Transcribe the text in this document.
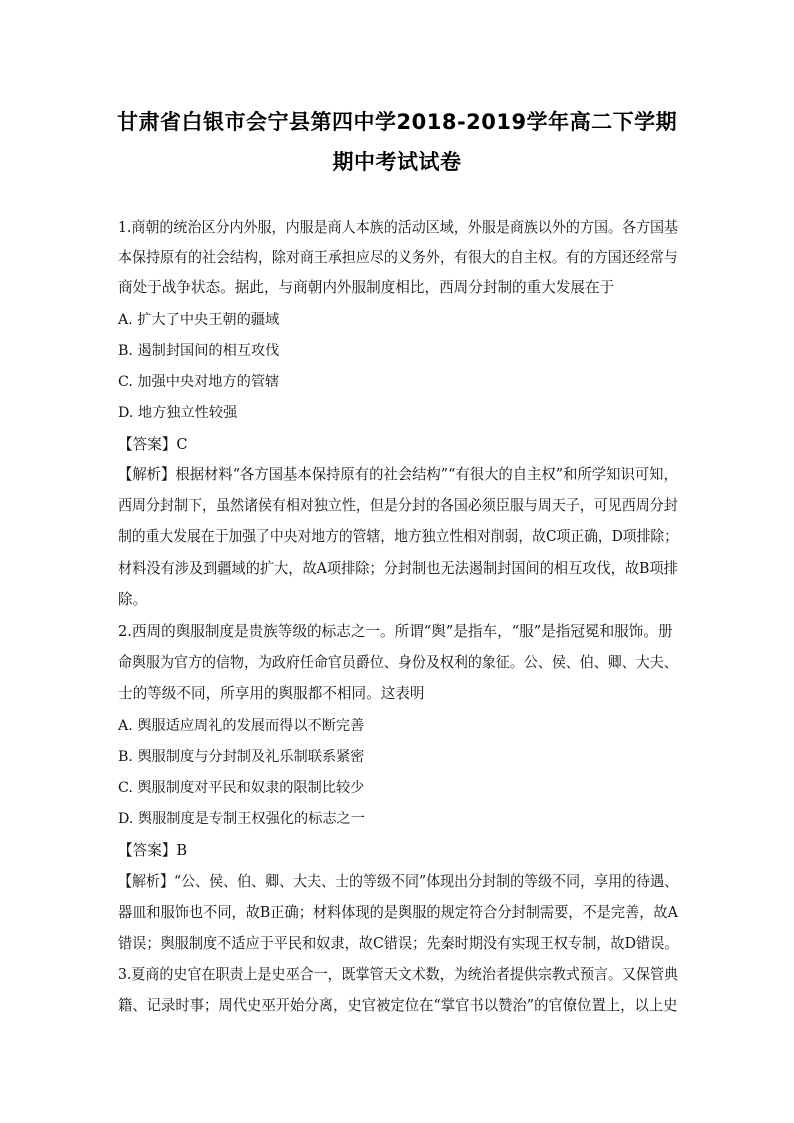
甘肃省白银市会宁县第四中学2018-2019学年高二下学期
期中考试试卷
1.商朝的统治区分内外服，内服是商人本族的活动区域，外服是商族以外的方国。各方国基
本保持原有的社会结构，除对商王承担应尽的义务外，有很大的自主权。有的方国还经常与
商处于战争状态。据此，与商朝内外服制度相比，西周分封制的重大发展在于
A. 扩大了中央王朝的疆域
B. 遏制封国间的相互攻伐
C. 加强中央对地方的管辖
D. 地方独立性较强
【答案】C
【解析】根据材料“各方国基本保持原有的社会结构”“有很大的自主权”和所学知识可知，
西周分封制下，虽然诸侯有相对独立性，但是分封的各国必须臣服与周天子，可见西周分封
制的重大发展在于加强了中央对地方的管辖，地方独立性相对削弱，故C项正确，D项排除；
材料没有涉及到疆域的扩大，故A项排除；分封制也无法遏制封国间的相互攻伐，故B项排
除。
2.西周的舆服制度是贵族等级的标志之一。所谓“舆”是指车，“服”是指冠冕和服饰。册
命舆服为官方的信物，为政府任命官员爵位、身份及权利的象征。公、侯、伯、卿、大夫、
士的等级不同，所享用的舆服都不相同。这表明
A. 舆服适应周礼的发展而得以不断完善
B. 舆服制度与分封制及礼乐制联系紧密
C. 舆服制度对平民和奴隶的限制比较少
D. 舆服制度是专制王权强化的标志之一
【答案】B
【解析】“公、侯、伯、卿、大夫、士的等级不同”体现出分封制的等级不同，享用的待遇、
器皿和服饰也不同，故B正确；材料体现的是舆服的规定符合分封制需要，不是完善，故A
错误；舆服制度不适应于平民和奴隶，故C错误；先秦时期没有实现王权专制，故D错误。
3.夏商的史官在职责上是史巫合一，既掌管天文术数，为统治者提供宗教式预言。又保管典
籍、记录时事；周代史巫开始分离，史官被定位在“掌官书以赞治”的官僚位置上，以上史
